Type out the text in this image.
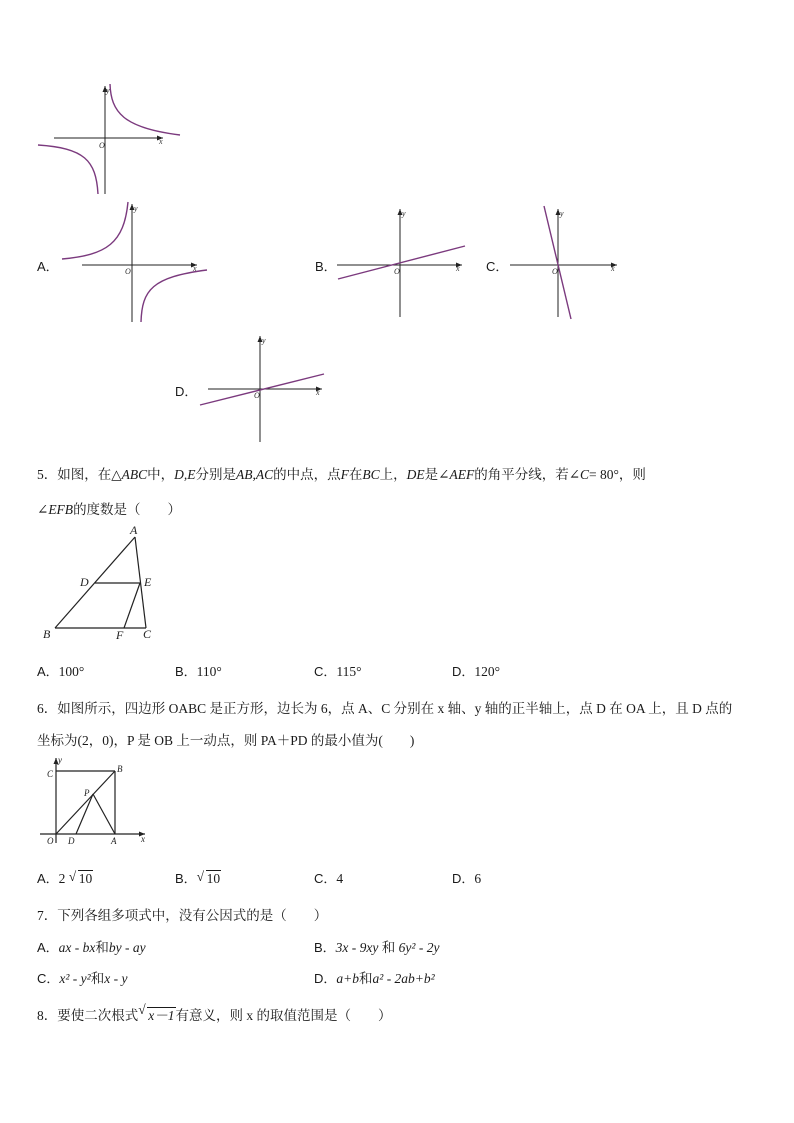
x
y
O
A．	x
y
O	B．	x
y
O	C．	x
y
O
D．	x
y
O
5．如图，在△ABC中，D,E分别是AB,AC的中点，点F在BC上，DE是∠AEF的角平分线，若∠C= 80°，则
∠EFB的度数是（　　）
A
D	E
B	F C
A．100°	B．110°	C．115°	D．120°
6．如图所示，四边形 OABC 是正方形，边长为 6，点 A、C 分别在 x 轴、y 轴的正半轴上，点 D 在 OA 上，且 D 点的
坐标为(2，0)，P 是 OB 上一动点，则 PA＋PD 的最小值为(　　)
y
C	B
P
O D	A	x
A．2 √ 10	B． √ 10	C．4	D．6
7．下列各组多项式中，没有公因式的是（　　）
A．ax - bx和by - ay	B．3x - 9xy 和 6y² - 2y
C．x² - y²和x - y	D．a+b和a² - 2ab+b²
8．要使二次根式 √ x－1有意义，则 x 的取值范围是（　　）
